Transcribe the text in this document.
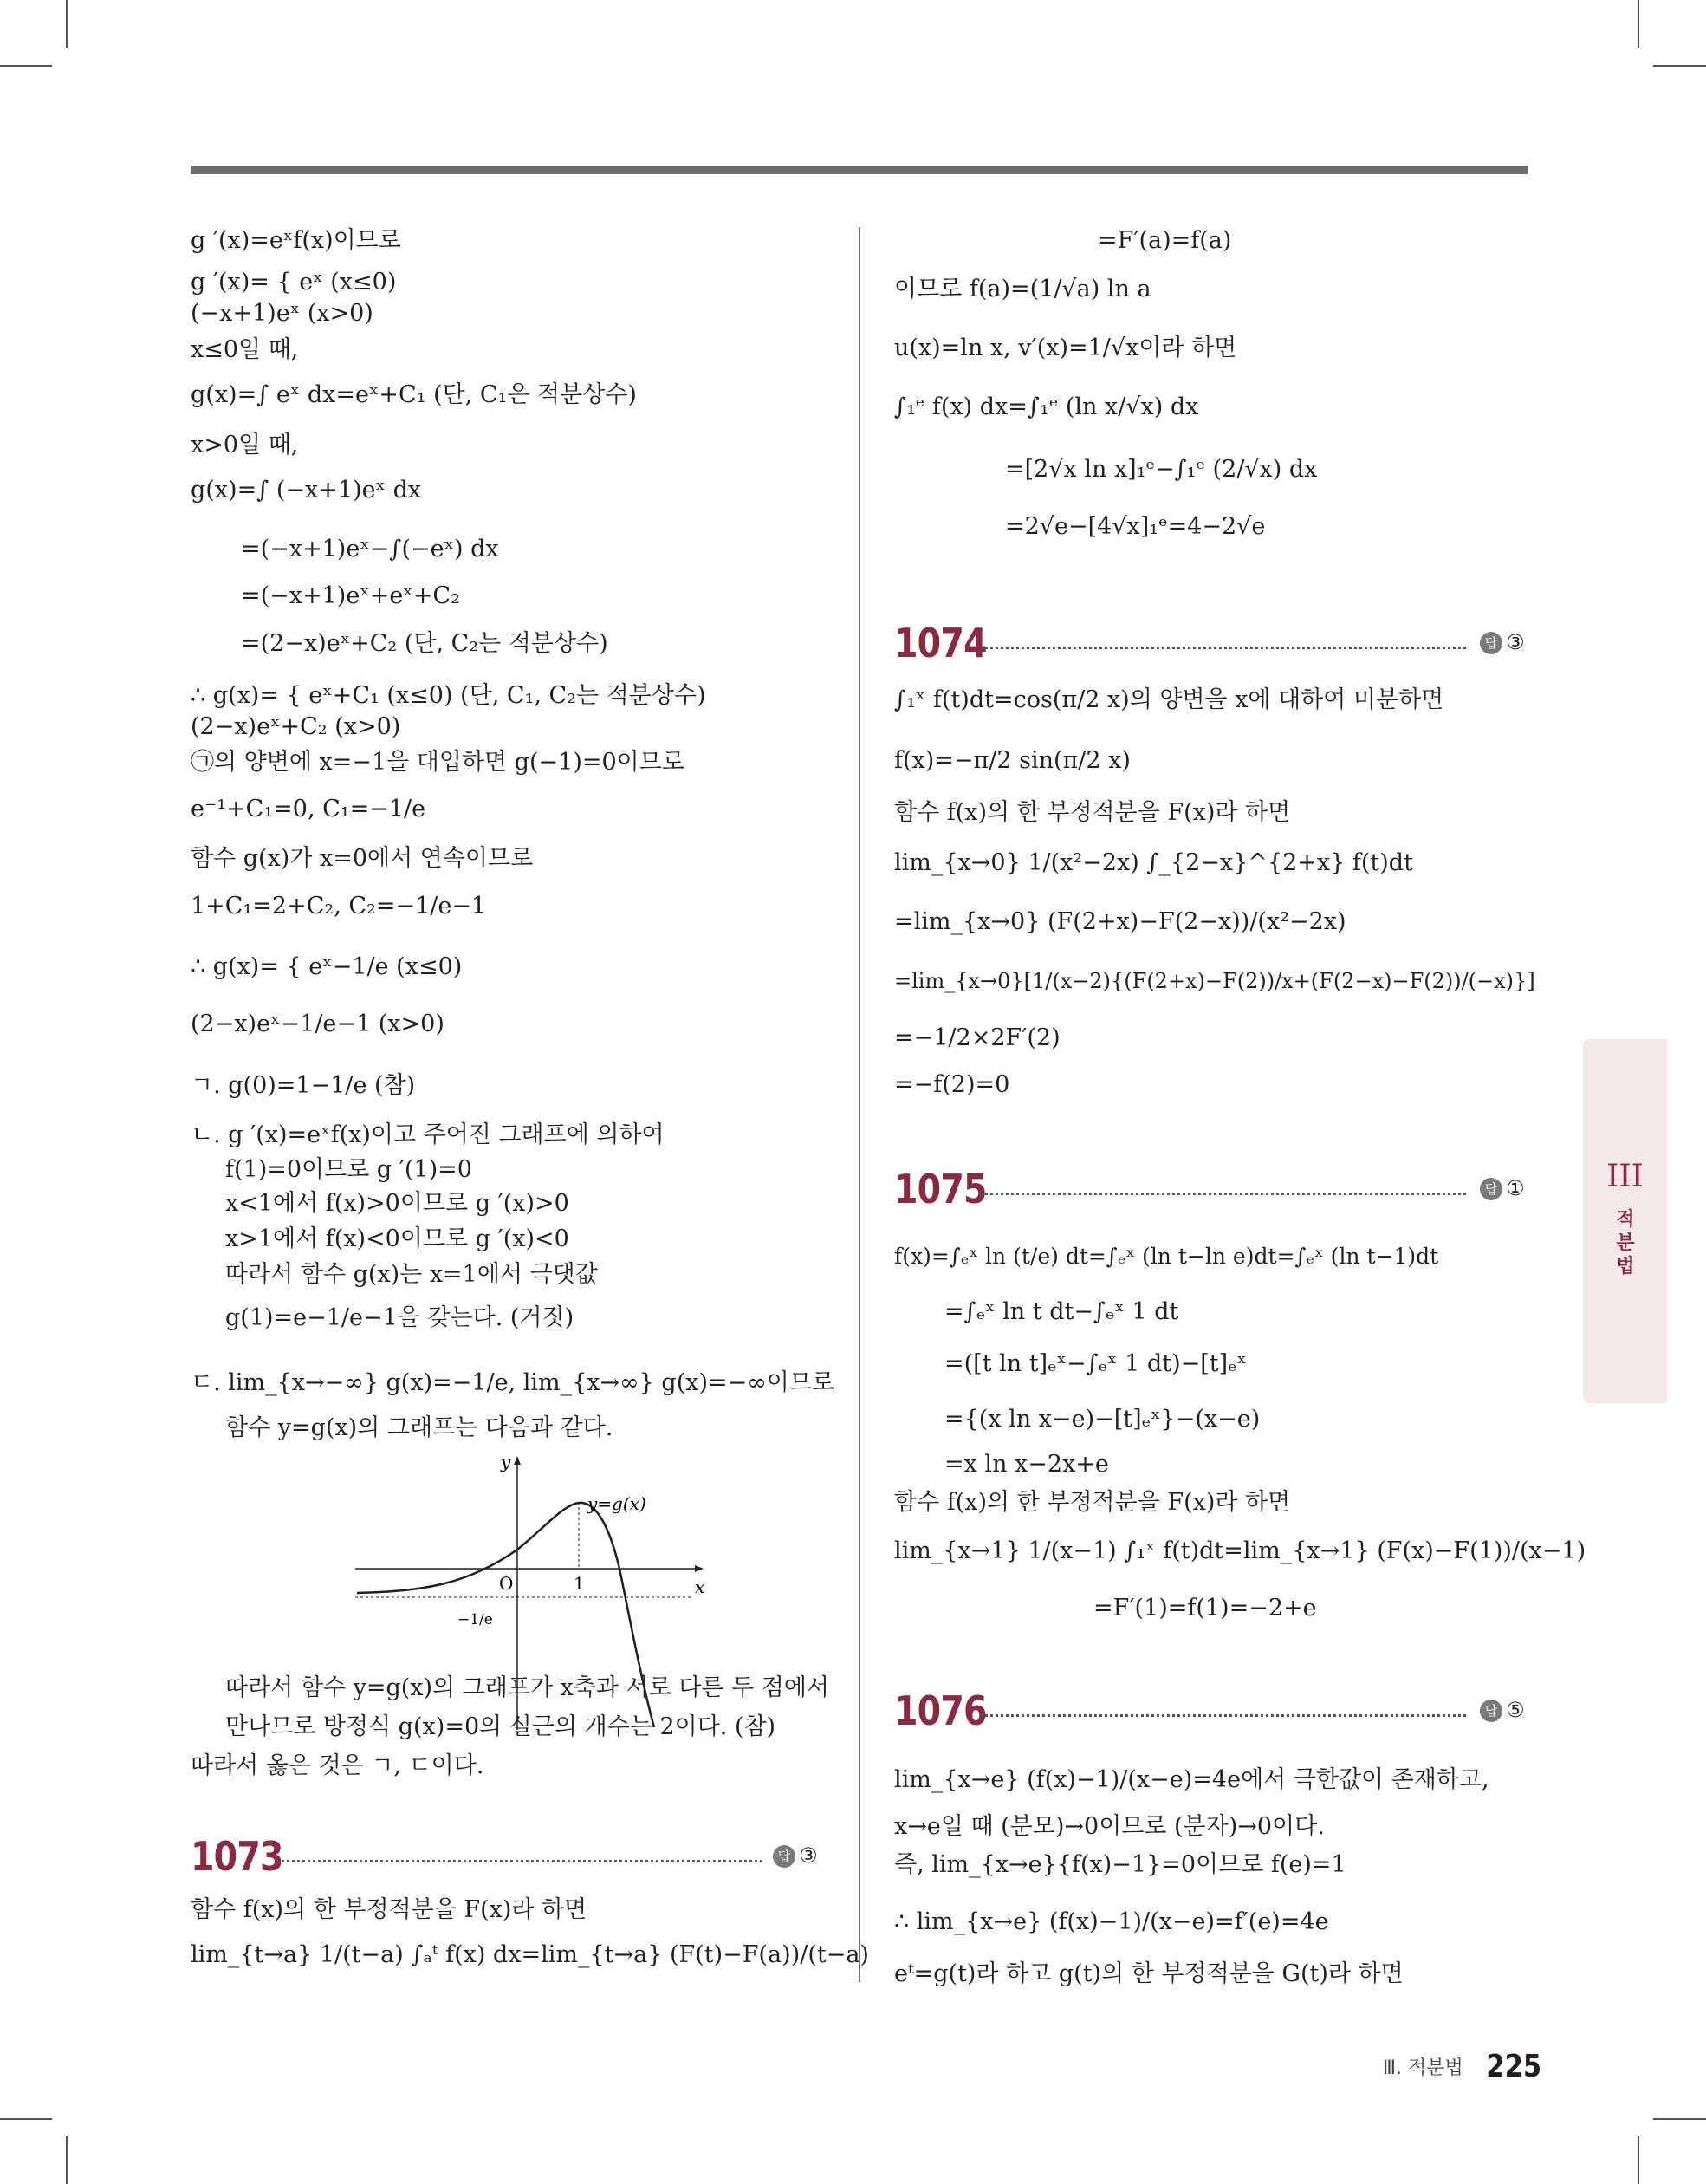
g ′(x)=eˣf(x)이므로
g ′(x)= { eˣ (x≤0)
(−x+1)eˣ (x>0)
x≤0일 때,
g(x)=∫ eˣ dx=eˣ+C₁ (단, C₁은 적분상수)
x>0일 때,
g(x)=∫ (−x+1)eˣ dx
=(−x+1)eˣ−∫(−eˣ) dx
=(−x+1)eˣ+eˣ+C₂
=(2−x)eˣ+C₂ (단, C₂는 적분상수)
∴ g(x)= { eˣ+C₁ (x≤0) (단, C₁, C₂는 적분상수)
(2−x)eˣ+C₂ (x>0)
㉠의 양변에 x=−1을 대입하면 g(−1)=0이므로
e⁻¹+C₁=0, C₁=−1/e
함수 g(x)가 x=0에서 연속이므로
1+C₁=2+C₂, C₂=−1/e−1
∴ g(x)= { eˣ−1/e (x≤0)
(2−x)eˣ−1/e−1 (x>0)
ㄱ. g(0)=1−1/e (참)
ㄴ. g ′(x)=eˣf(x)이고 주어진 그래프에 의하여
f(1)=0이므로 g ′(1)=0
x<1에서 f(x)>0이므로 g ′(x)>0
x>1에서 f(x)<0이므로 g ′(x)<0
따라서 함수 g(x)는 x=1에서 극댓값
g(1)=e−1/e−1을 갖는다. (거짓)
ㄷ. lim_{x→−∞} g(x)=−1/e, lim_{x→∞} g(x)=−∞이므로
함수 y=g(x)의 그래프는 다음과 같다.
y
x
O	1
−1/e
y=g(x)
따라서 함수 y=g(x)의 그래프가 x축과 서로 다른 두 점에서
만나므로 방정식 g(x)=0의 실근의 개수는 2이다. (참)
따라서 옳은 것은 ㄱ, ㄷ이다.
1073	답 ③
함수 f(x)의 한 부정적분을 F(x)라 하면
lim_{t→a} 1/(t−a) ∫ₐᵗ f(x) dx=lim_{t→a} (F(t)−F(a))/(t−a)
=F′(a)=f(a)
이므로 f(a)=(1/√a) ln a
u(x)=ln x, v′(x)=1/√x이라 하면
∫₁ᵉ f(x) dx=∫₁ᵉ (ln x/√x) dx
=[2√x ln x]₁ᵉ−∫₁ᵉ (2/√x) dx
=2√e−[4√x]₁ᵉ=4−2√e
1074	답 ③
∫₁ˣ f(t)dt=cos(π/2 x)의 양변을 x에 대하여 미분하면
f(x)=−π/2 sin(π/2 x)
함수 f(x)의 한 부정적분을 F(x)라 하면
lim_{x→0} 1/(x²−2x) ∫_{2−x}^{2+x} f(t)dt
=lim_{x→0} (F(2+x)−F(2−x))/(x²−2x)
=lim_{x→0}[1/(x−2){(F(2+x)−F(2))/x+(F(2−x)−F(2))/(−x)}]
=−1/2×2F′(2)
=−f(2)=0
1075	답 ①
f(x)=∫ₑˣ ln (t/e) dt=∫ₑˣ (ln t−ln e)dt=∫ₑˣ (ln t−1)dt
=∫ₑˣ ln t dt−∫ₑˣ 1 dt
=([t ln t]ₑˣ−∫ₑˣ 1 dt)−[t]ₑˣ
={(x ln x−e)−[t]ₑˣ}−(x−e)
=x ln x−2x+e
함수 f(x)의 한 부정적분을 F(x)라 하면
lim_{x→1} 1/(x−1) ∫₁ˣ f(t)dt=lim_{x→1} (F(x)−F(1))/(x−1)
=F′(1)=f(1)=−2+e
1076	답 ⑤
lim_{x→e} (f(x)−1)/(x−e)=4e에서 극한값이 존재하고,
x→e일 때 (분모)→0이므로 (분자)→0이다.
즉, lim_{x→e}{f(x)−1}=0이므로 f(e)=1
∴ lim_{x→e} (f(x)−1)/(x−e)=f′(e)=4e
eᵗ=g(t)라 하고 g(t)의 한 부정적분을 G(t)라 하면
III
적분법
Ⅲ. 적분법 225
